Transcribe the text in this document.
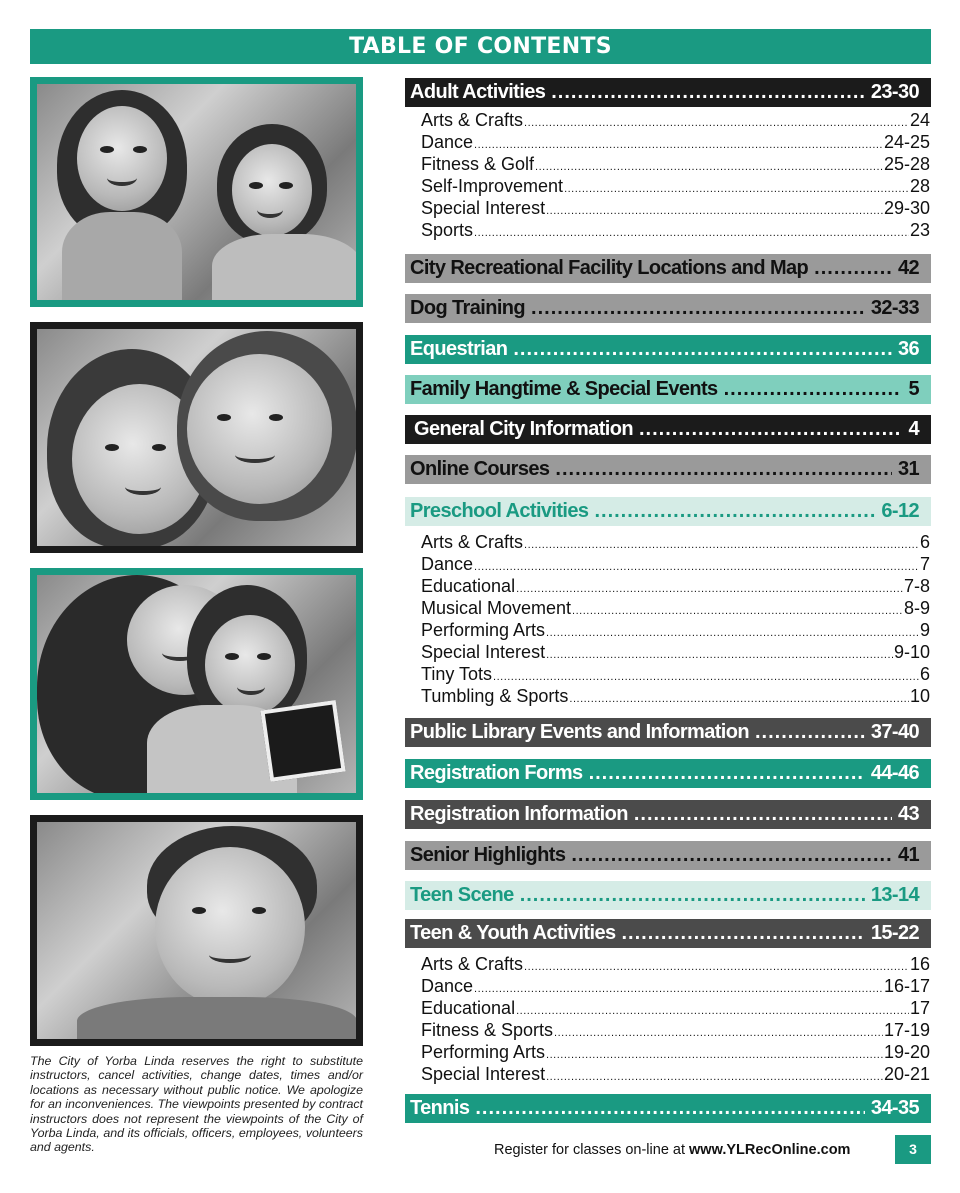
TABLE OF CONTENTS
The City of Yorba Linda reserves the right to substitute instructors, cancel activities, change dates, times and/or locations as necessary without public notice. We apologize for an inconveniences. The viewpoints presented by contract instructors does not represent the viewpoints of the City of Yorba Linda, and its officials, officers, employees, volunteers and agents.
Adult Activities .....	23-30
Arts & Crafts .....	24
Dance .....	24-25
Fitness & Golf .....	25-28
Self-Improvement .....	28
Special Interest .....	29-30
Sports .....	23
City Recreational Facility Locations and Map .....	42
Dog Training .....	32-33
Equestrian .....	36
Family Hangtime & Special Events .....	5
General City Information .....	4
Online Courses .....	31
Preschool Activities .....	6-12
Arts & Crafts .....	6
Dance .....	7
Educational .....	7-8
Musical Movement .....	8-9
Performing Arts .....	9
Special Interest .....	9-10
Tiny Tots .....	6
Tumbling & Sports .....	10
Public Library Events and Information .....	37-40
Registration Forms .....	44-46
Registration Information .....	43
Senior Highlights .....	41
Teen Scene .....	13-14
Teen & Youth Activities .....	15-22
Arts & Crafts .....	16
Dance .....	16-17
Educational .....	17
Fitness & Sports .....	17-19
Performing Arts .....	19-20
Special Interest .....	20-21
Tennis .....	34-35
Register for classes on-line at www.YLRecOnline.com	3
